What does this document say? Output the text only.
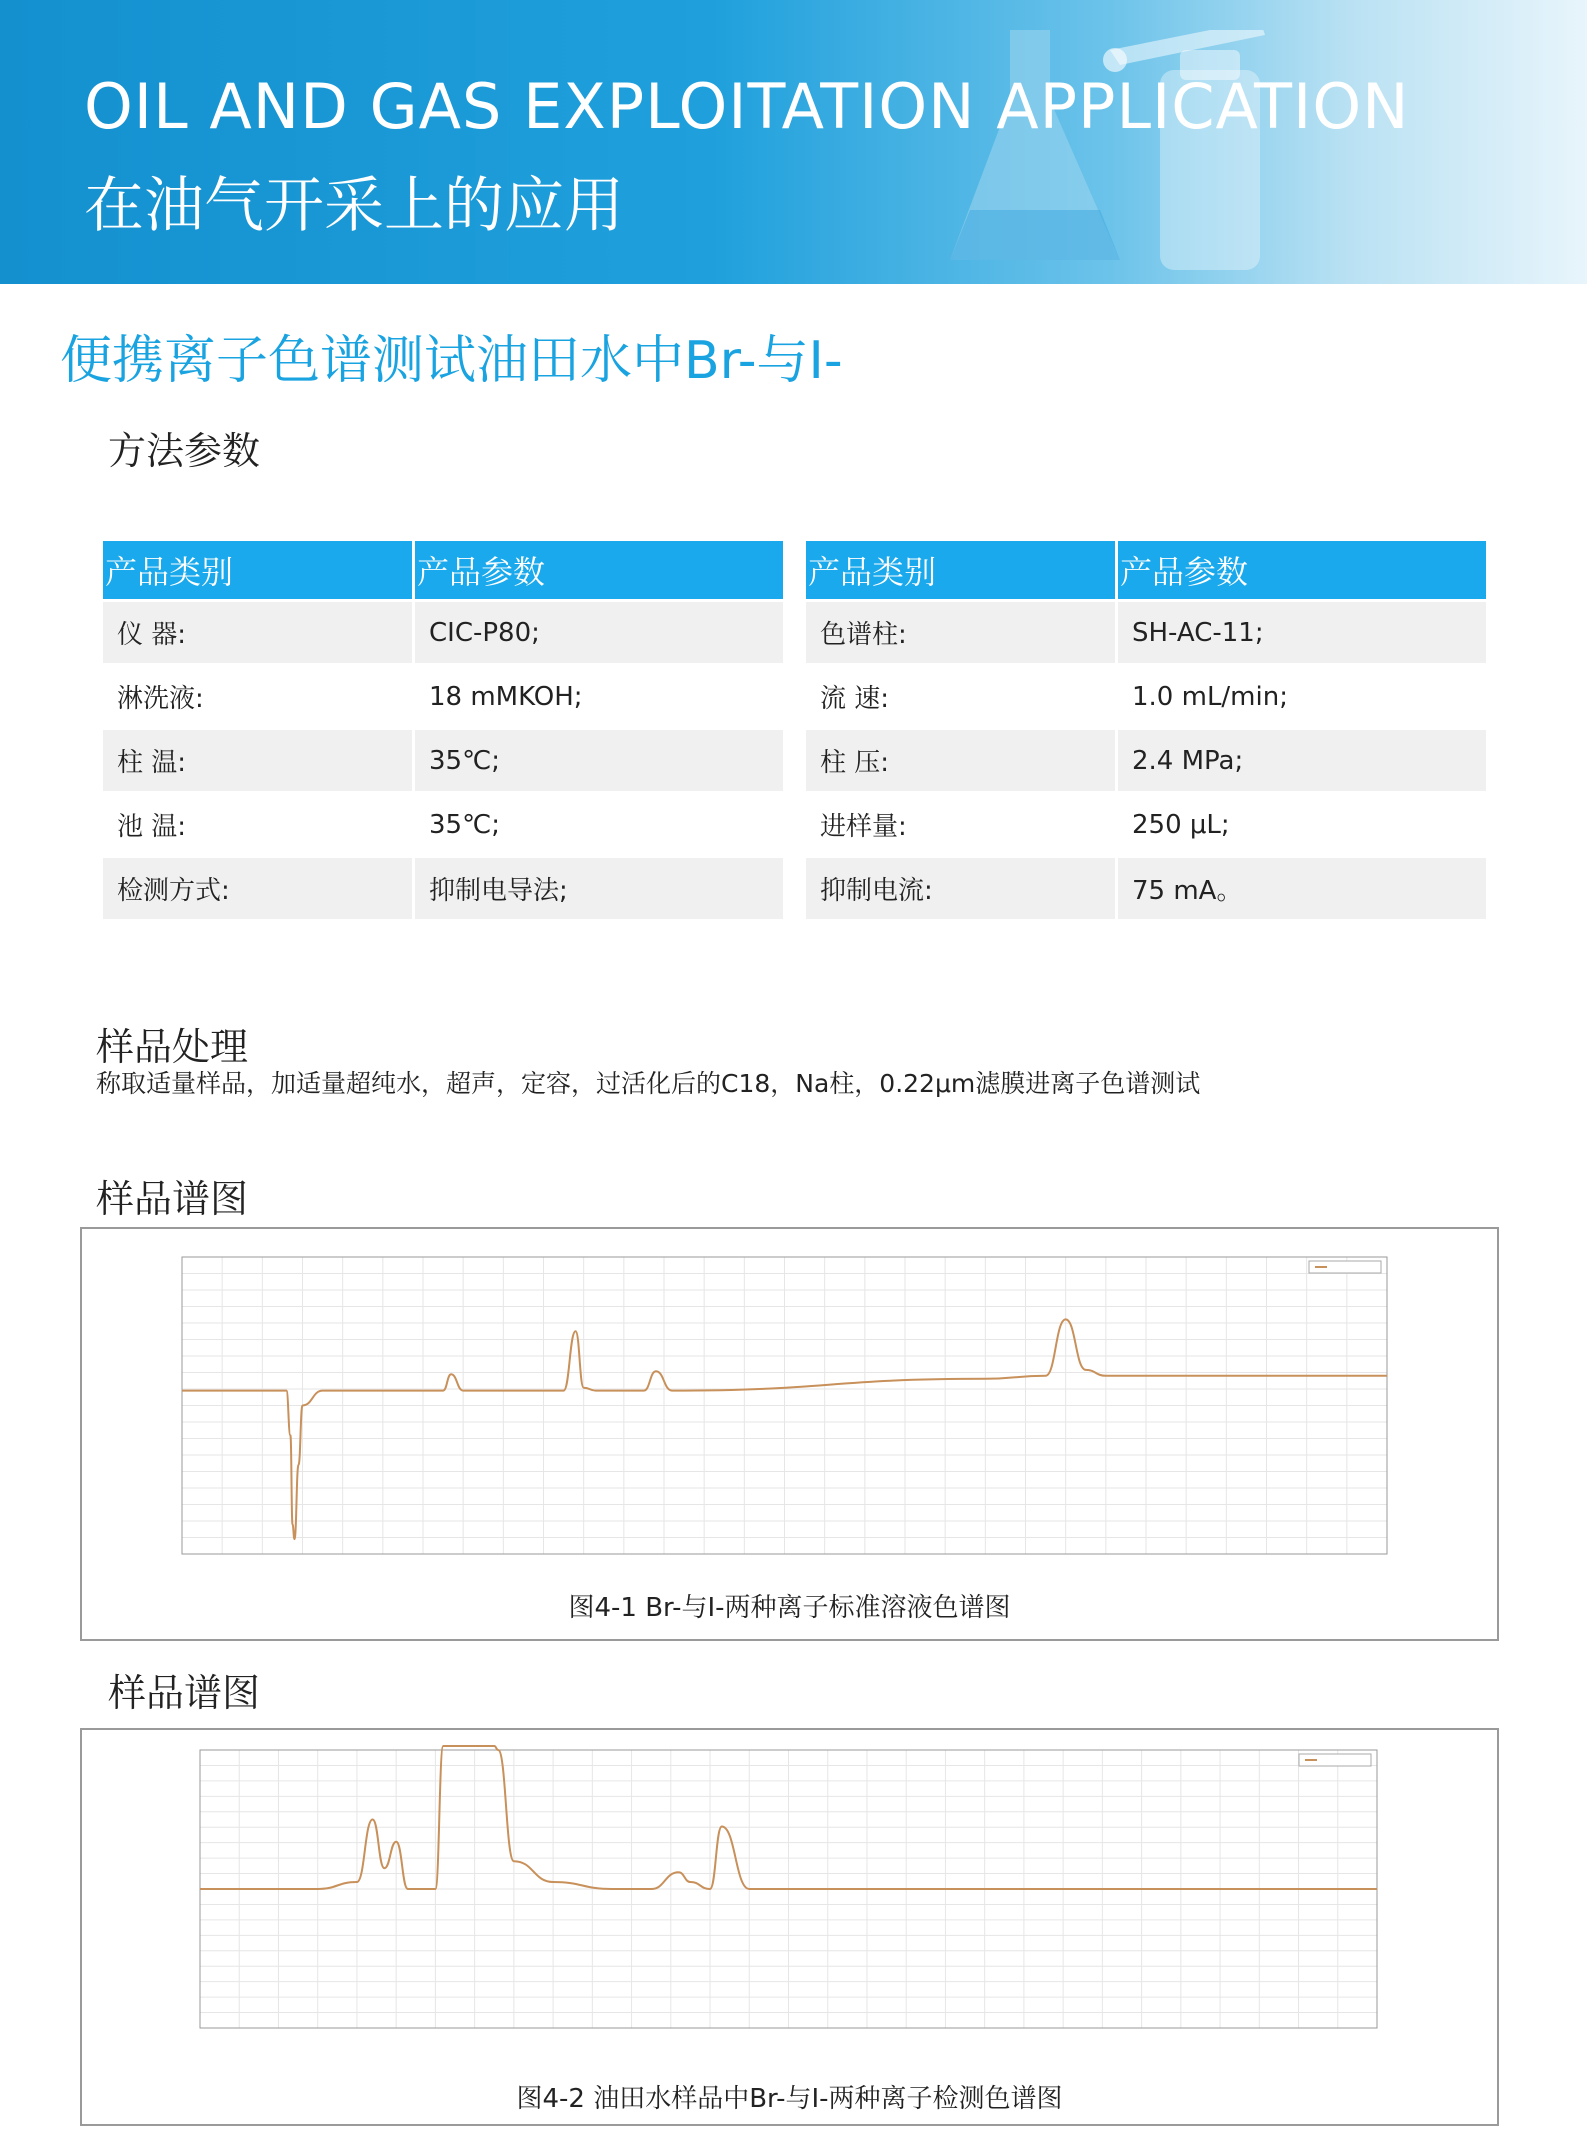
OIL AND GAS EXPLOITATION APPLICATION
在油气开采上的应用
便携离子色谱测试油田水中Br-与I-
方法参数
产品类别	产品参数
仪 器:	CIC-P80;
淋洗液:	18 mMKOH;
柱 温:	35℃;
池 温:	35℃;
检测方式:	抑制电导法;
产品类别	产品参数
色谱柱:	SH-AC-11;
流 速:	1.0 mL/min;
柱 压:	2.4 MPa;
进样量:	250 μL;
抑制电流:	75 mA。
样品处理
称取适量样品，加适量超纯水，超声，定容，过活化后的C18，Na柱，0.22μm滤膜进离子色谱测试
样品谱图
图4-1 Br-与I-两种离子标准溶液色谱图
样品谱图
图4-2 油田水样品中Br-与I-两种离子检测色谱图
